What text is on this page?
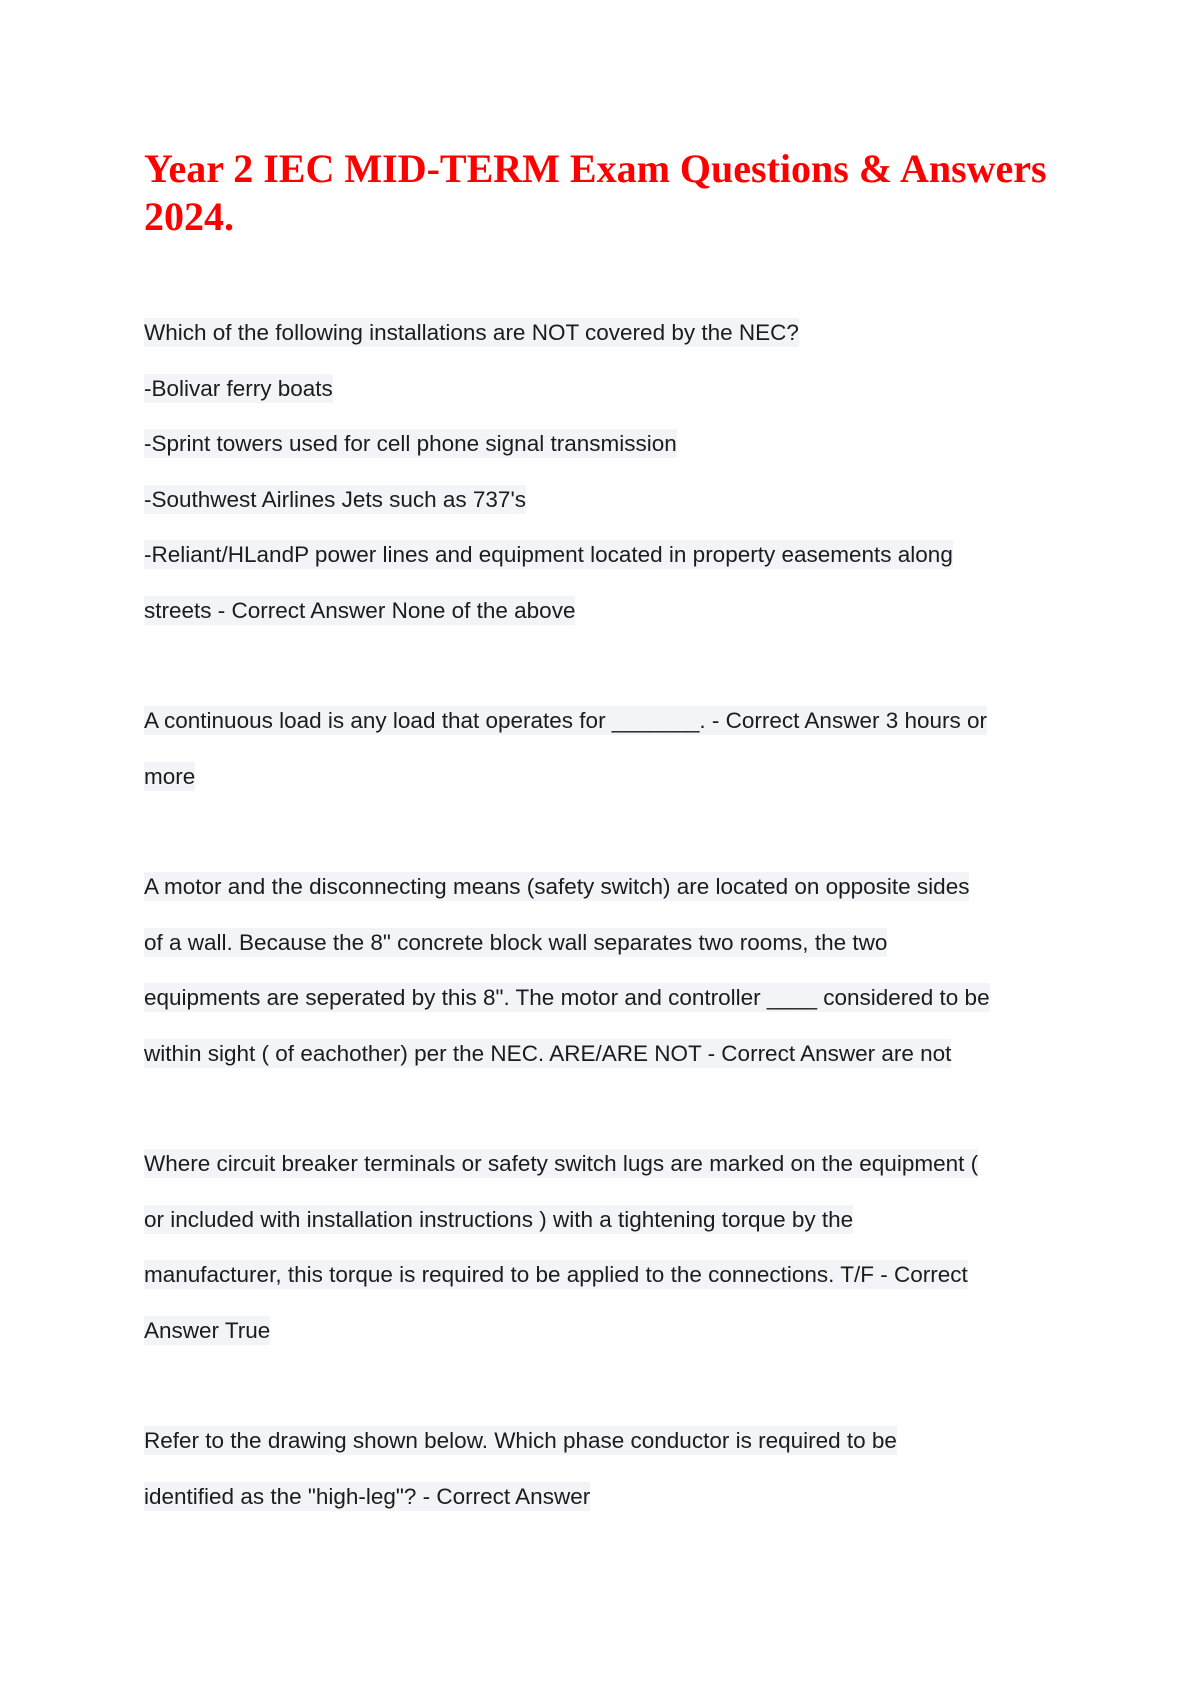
Year 2 IEC MID-TERM Exam Questions & Answers
2024.
Which of the following installations are NOT covered by the NEC?
-Bolivar ferry boats
-Sprint towers used for cell phone signal transmission
-Southwest Airlines Jets such as 737's
-Reliant/HLandP power lines and equipment located in property easements along
streets - Correct Answer None of the above
A continuous load is any load that operates for _______. - Correct Answer 3 hours or
more
A motor and the disconnecting means (safety switch) are located on opposite sides
of a wall. Because the 8" concrete block wall separates two rooms, the two
equipments are seperated by this 8". The motor and controller ____ considered to be
within sight ( of eachother) per the NEC. ARE/ARE NOT - Correct Answer are not
Where circuit breaker terminals or safety switch lugs are marked on the equipment (
or included with installation instructions ) with a tightening torque by the
manufacturer, this torque is required to be applied to the connections. T/F - Correct
Answer True
Refer to the drawing shown below. Which phase conductor is required to be
identified as the "high-leg"? - Correct Answer
